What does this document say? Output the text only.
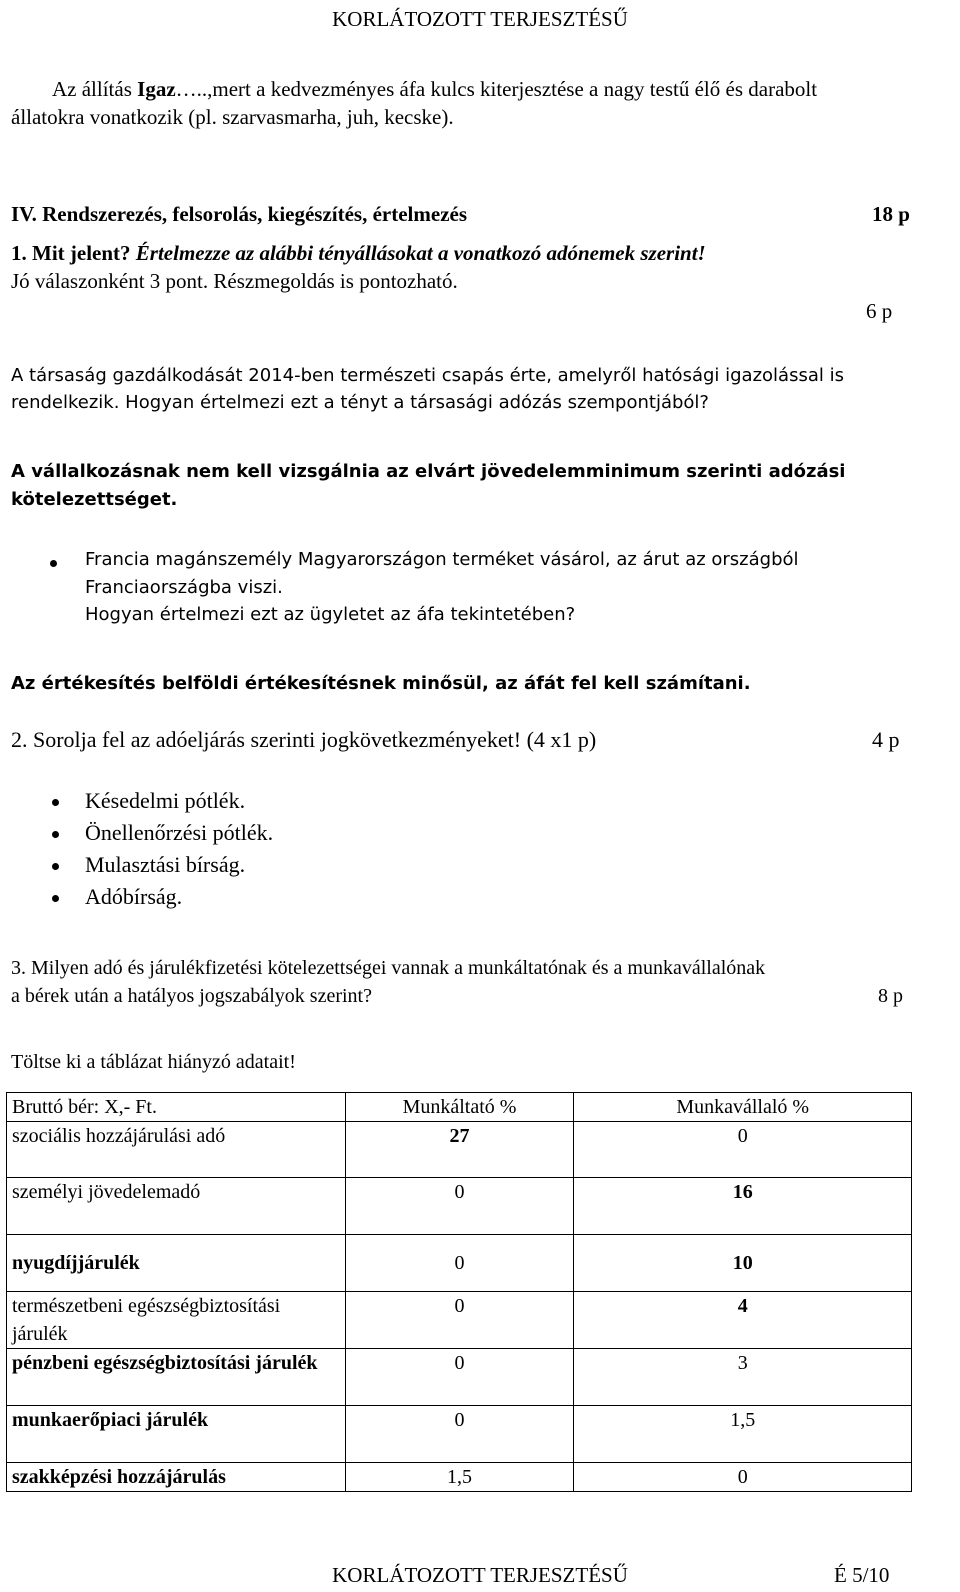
KORLÁTOZOTT TERJESZTÉSŰ
Az állítás Igaz…..,mert a kedvezményes áfa kulcs kiterjesztése a nagy testű élő és darabolt
állatokra vonatkozik (pl. szarvasmarha, juh, kecske).
IV. Rendszerezés, felsorolás, kiegészítés, értelmezés	18 p
1. Mit jelent? Értelmezze az alábbi tényállásokat a vonatkozó adónemek szerint!
Jó válaszonként 3 pont. Részmegoldás is pontozható.
6 p
A társaság gazdálkodását 2014-ben természeti csapás érte, amelyről hatósági igazolással is
rendelkezik. Hogyan értelmezi ezt a tényt a társasági adózás szempontjából?
A vállalkozásnak nem kell vizsgálnia az elvárt jövedelemminimum szerinti adózási
kötelezettséget.
Francia magánszemély Magyarországon terméket vásárol, az árut az országból
Franciaországba viszi.
Hogyan értelmezi ezt az ügyletet az áfa tekintetében?
Az értékesítés belföldi értékesítésnek minősül, az áfát fel kell számítani.
2. Sorolja fel az adóeljárás szerinti jogkövetkezményeket! (4 x1 p)	4 p
Késedelmi pótlék.
Önellenőrzési pótlék.
Mulasztási bírság.
Adóbírság.
3. Milyen adó és járulékfizetési kötelezettségei vannak a munkáltatónak és a munkavállalónak
a bérek után a hatályos jogszabályok szerint?	8 p
Töltse ki a táblázat hiányzó adatait!
Bruttó bér: X,- Ft.	Munkáltató %	Munkavállaló %
szociális hozzájárulási adó	27	0
személyi jövedelemadó	0	16
nyugdíjjárulék	0	10
természetbeni egészségbiztosítási járulék	0	4
pénzbeni egészségbiztosítási járulék	0	3
munkaerőpiaci járulék	0	1,5
szakképzési hozzájárulás	1,5	0
KORLÁTOZOTT TERJESZTÉSŰ	É 5/10
